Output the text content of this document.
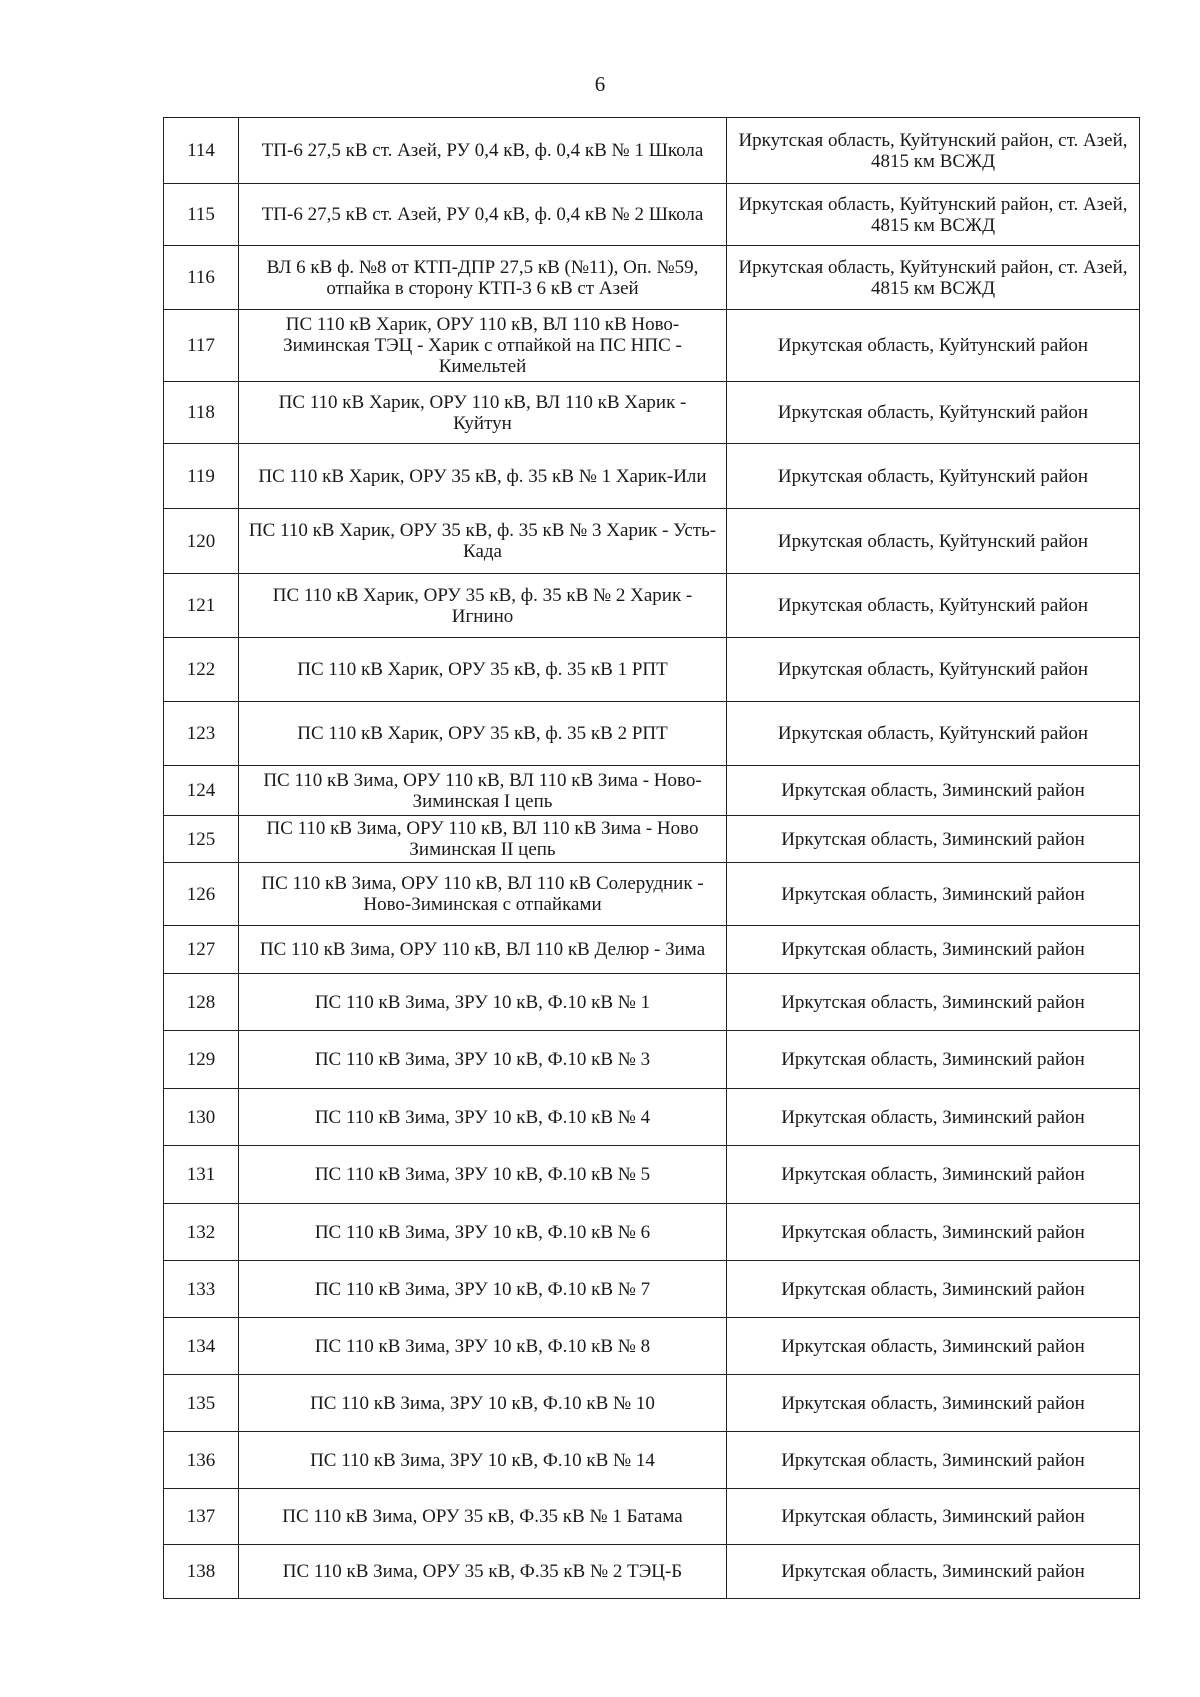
6
114	ТП-6 27,5 кВ ст. Азей, РУ 0,4 кВ, ф. 0,4 кВ № 1 Школа	Иркутская область, Куйтунский район, ст. Азей, 4815 км ВСЖД
115	ТП-6 27,5 кВ ст. Азей, РУ 0,4 кВ, ф. 0,4 кВ № 2 Школа	Иркутская область, Куйтунский район, ст. Азей, 4815 км ВСЖД
116	ВЛ 6 кВ ф. №8 от КТП-ДПР 27,5 кВ (№11), Оп. №59, отпайка в сторону КТП-3 6 кВ ст Азей	Иркутская область, Куйтунский район, ст. Азей, 4815 км ВСЖД
117	ПС 110 кВ Харик, ОРУ 110 кВ, ВЛ 110 кВ Ново-Зиминская ТЭЦ - Харик с отпайкой на ПС НПС - Кимельтей	Иркутская область, Куйтунский район
118	ПС 110 кВ Харик, ОРУ 110 кВ, ВЛ 110 кВ Харик - Куйтун	Иркутская область, Куйтунский район
119	ПС 110 кВ Харик, ОРУ 35 кВ, ф. 35 кВ № 1 Харик-Или	Иркутская область, Куйтунский район
120	ПС 110 кВ Харик, ОРУ 35 кВ, ф. 35 кВ № 3 Харик - Усть-Када	Иркутская область, Куйтунский район
121	ПС 110 кВ Харик, ОРУ 35 кВ, ф. 35 кВ № 2 Харик - Игнино	Иркутская область, Куйтунский район
122	ПС 110 кВ Харик, ОРУ 35 кВ, ф. 35 кВ 1 РПТ	Иркутская область, Куйтунский район
123	ПС 110 кВ Харик, ОРУ 35 кВ, ф. 35 кВ 2 РПТ	Иркутская область, Куйтунский район
124	ПС 110 кВ Зима, ОРУ 110 кВ, ВЛ 110 кВ Зима - Ново-Зиминская I цепь	Иркутская область, Зиминский район
125	ПС 110 кВ Зима, ОРУ 110 кВ, ВЛ 110 кВ Зима - Ново Зиминская II цепь	Иркутская область, Зиминский район
126	ПС 110 кВ Зима, ОРУ 110 кВ, ВЛ 110 кВ Солерудник - Ново-Зиминская с отпайками	Иркутская область, Зиминский район
127	ПС 110 кВ Зима, ОРУ 110 кВ, ВЛ 110 кВ Делюр - Зима	Иркутская область, Зиминский район
128	ПС 110 кВ Зима, ЗРУ 10 кВ, Ф.10 кВ № 1	Иркутская область, Зиминский район
129	ПС 110 кВ Зима, ЗРУ 10 кВ, Ф.10 кВ № 3	Иркутская область, Зиминский район
130	ПС 110 кВ Зима, ЗРУ 10 кВ, Ф.10 кВ № 4	Иркутская область, Зиминский район
131	ПС 110 кВ Зима, ЗРУ 10 кВ, Ф.10 кВ № 5	Иркутская область, Зиминский район
132	ПС 110 кВ Зима, ЗРУ 10 кВ, Ф.10 кВ № 6	Иркутская область, Зиминский район
133	ПС 110 кВ Зима, ЗРУ 10 кВ, Ф.10 кВ № 7	Иркутская область, Зиминский район
134	ПС 110 кВ Зима, ЗРУ 10 кВ, Ф.10 кВ № 8	Иркутская область, Зиминский район
135	ПС 110 кВ Зима, ЗРУ 10 кВ, Ф.10 кВ № 10	Иркутская область, Зиминский район
136	ПС 110 кВ Зима, ЗРУ 10 кВ, Ф.10 кВ № 14	Иркутская область, Зиминский район
137	ПС 110 кВ Зима, ОРУ 35 кВ, Ф.35 кВ № 1 Батама	Иркутская область, Зиминский район
138	ПС 110 кВ Зима, ОРУ 35 кВ, Ф.35 кВ № 2 ТЭЦ-Б	Иркутская область, Зиминский район
